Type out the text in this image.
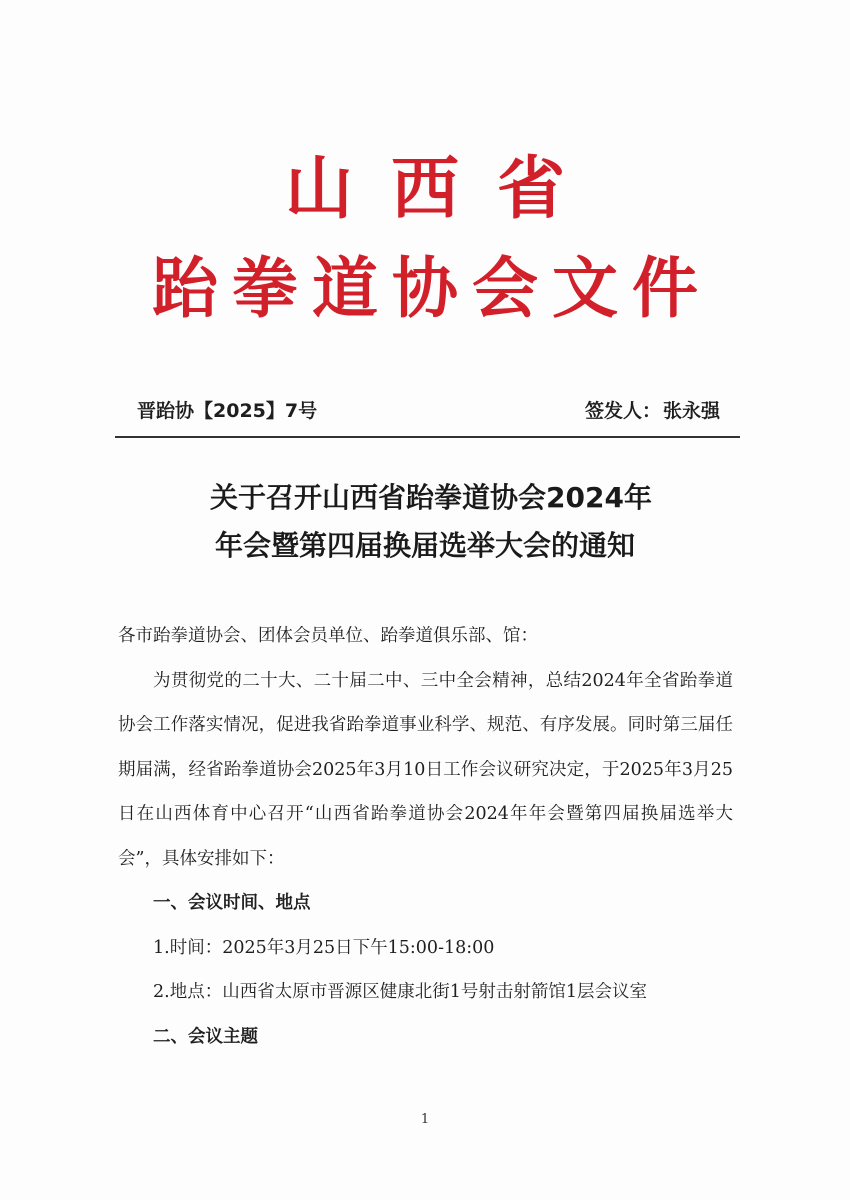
山西省
跆拳道协会文件
晋跆协【2025】7号	签发人： 张永强
关于召开山西省跆拳道协会2024年
年会暨第四届换届选举大会的通知

各市跆拳道协会、团体会员单位、跆拳道俱乐部、馆：

为贯彻党的二十大、二十届二中、三中全会精神，总结2024年全省跆拳道协会工作落实情况，促进我省跆拳道事业科学、规范、有序发展。同时第三届任期届满，经省跆拳道协会2025年3月10日工作会议研究决定，于2025年3月25日在山西体育中心召开“山西省跆拳道协会2024年年会暨第四届换届选举大会”，具体安排如下：

一、会议时间、地点

1.时间：2025年3月25日下午15:00-18:00

2.地点：山西省太原市晋源区健康北街1号射击射箭馆1层会议室

二、会议主题

1
